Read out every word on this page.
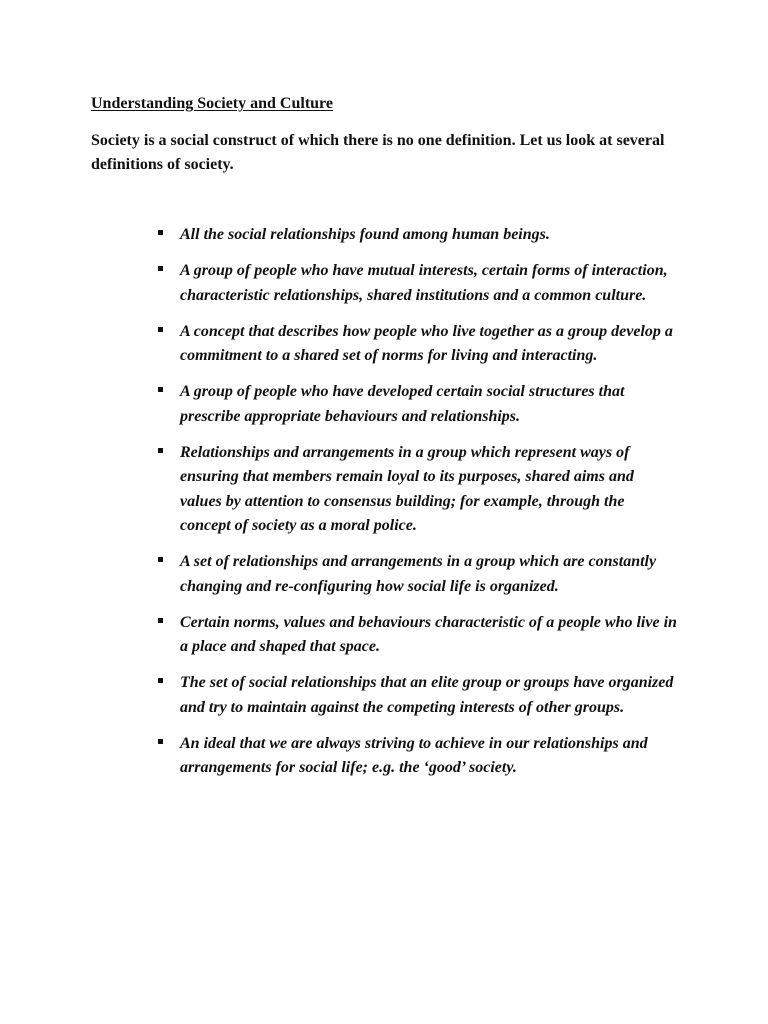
Understanding Society and Culture

Society is a social construct of which there is no one definition. Let us look at several definitions of society.

All the social relationships found among human beings.
A group of people who have mutual interests, certain forms of interaction, characteristic relationships, shared institutions and a common culture.
A concept that describes how people who live together as a group develop a commitment to a shared set of norms for living and interacting.
A group of people who have developed certain social structures that prescribe appropriate behaviours and relationships.
Relationships and arrangements in a group which represent ways of ensuring that members remain loyal to its purposes, shared aims and values by attention to consensus building; for example, through the concept of society as a moral police.
A set of relationships and arrangements in a group which are constantly changing and re-configuring how social life is organized.
Certain norms, values and behaviours characteristic of a people who live in a place and shaped that space.
The set of social relationships that an elite group or groups have organized and try to maintain against the competing interests of other groups.
An ideal that we are always striving to achieve in our relationships and arrangements for social life; e.g. the ‘good’ society.
